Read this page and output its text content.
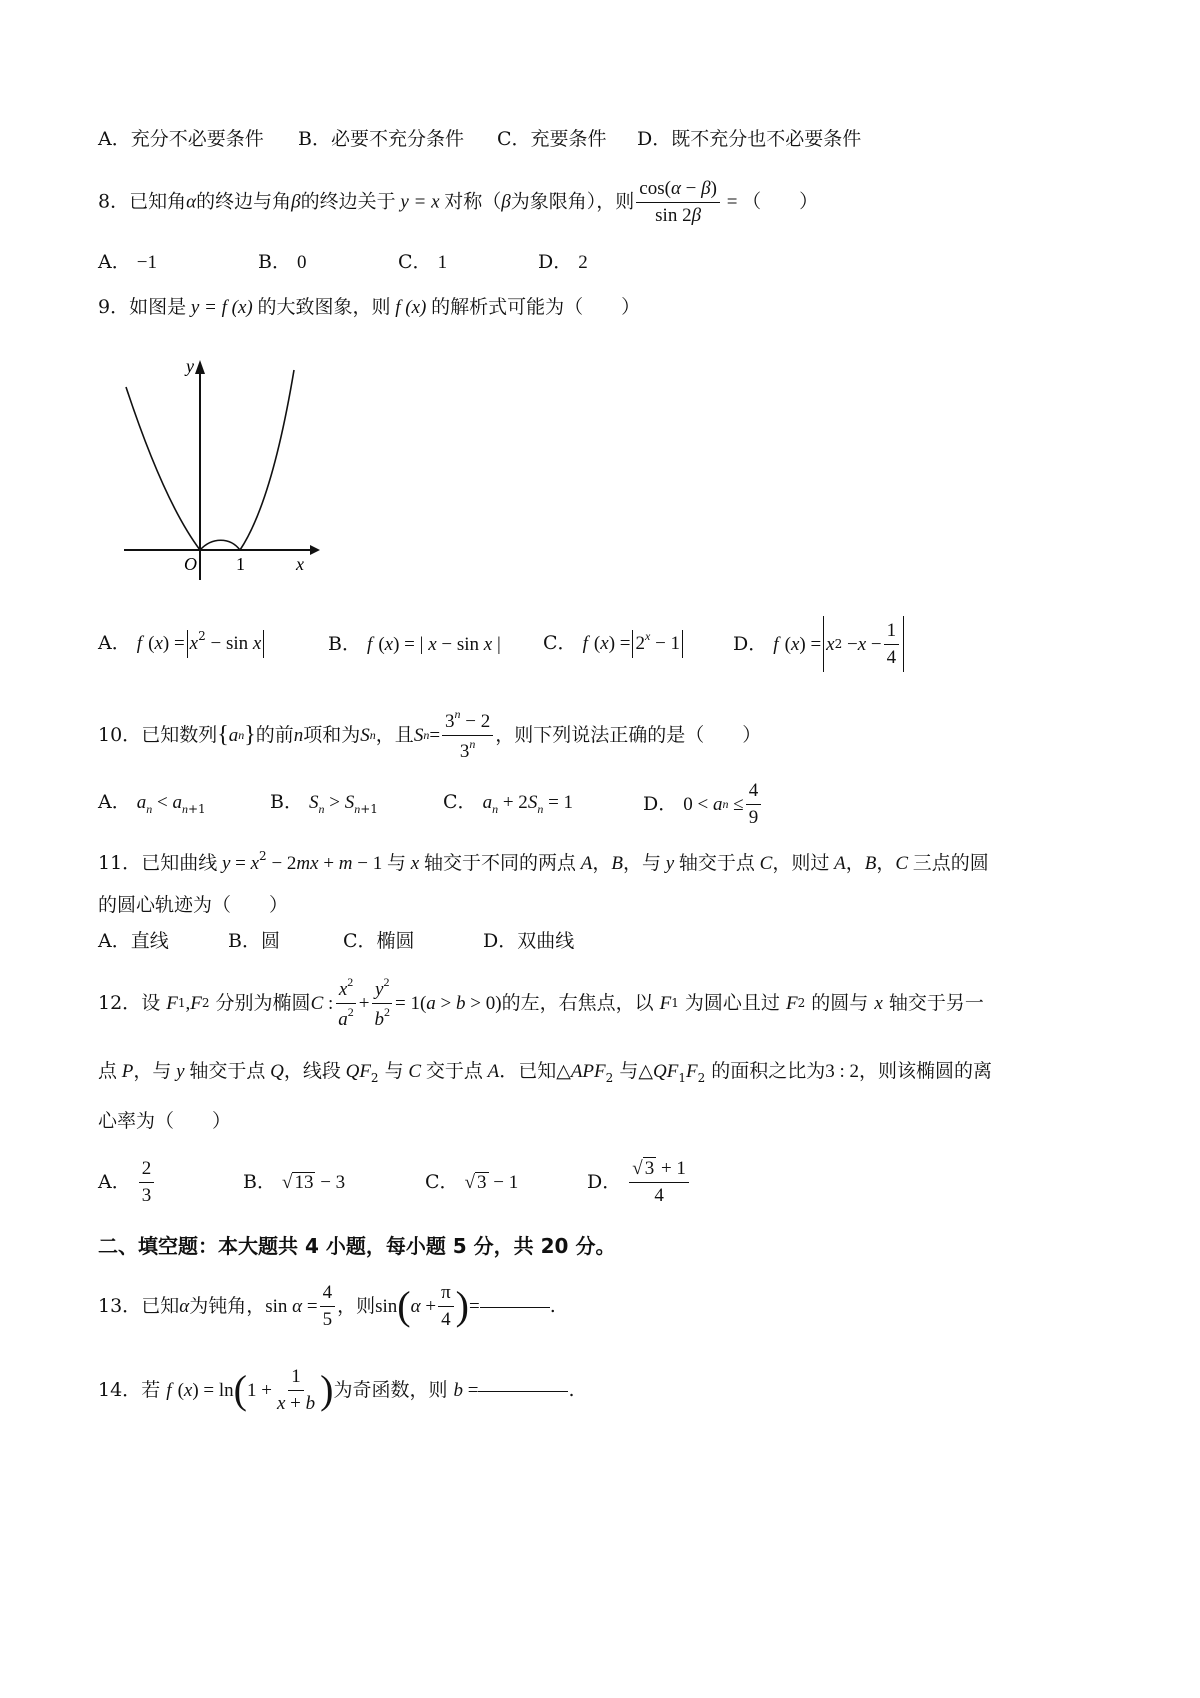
A．充分不必要条件 B．必要不充分条件 C．充要条件 D．既不充分也不必要条件
8．已知角α的终边与角β的终边关于 y = x 对称（β为象限角），则 $\frac{\cos(\alpha - \beta)}{\sin 2\beta}$ = （　　）
A． −1	B． 0	C． 1	D． 2
9．如图是 y = f (x) 的大致图象，则 f (x) 的解析式可能为（　　）
y
x
O 1
A． f $(x) = x^2 - \sin x$	B． f (x) = | x − sin x |	C． f $(x) = 2^x - 1$	D．
f
( x ) = x $2 - x - \frac{1}{4}$
10． 已知数列 { a n } 的前 n 项和为 S n ，且 S $n = \frac{3^n - 2}{3^n}$ ，则下列说法正确的是（　　）
A． $a_n < a_{n+1}$	B． $S_n > S_{n+1}$	C． $a_n + 2S_n = 1$	D．
0 < a $n \le \frac{4}{9}$
11．已知曲线 $y = x^2 - 2mx + m - 1$ 与 x 轴交于不同的两点 A，B，与 y 轴交于点 C，则过 A，B，C 三点的圆
的圆心轨迹为（　　）
A．直线	B．圆	C．椭圆	D．双曲线
12． 设
F 1 , F 2
分别为椭圆 C : $\frac{x^2}{a^2} + \frac{y^2}{b^2} = 1$( a > b > 0) 的左，右焦点，以
F 1
为圆心且过
F 2
的圆与
x
轴交于另一
点 P，与 y 轴交于点 Q，线段 $QF_2$ 与 C 交于点 A．已知$\triangle APF_2$ 与$\triangle QF_1F_2$ 的面积之比为3 : 2，则该椭圆的离
心率为（　　）
A．
$\frac{2}{3}$	B． √ 13 − 3	C． √ 3 − 1	D．
$\frac{√ 3 + 1}{4}$
二、填空题：本大题共 4 小题，每小题 5 分，共 20 分。
13． 已知 α 为钝角， $\sin \alpha = \frac{4}{5}$ ，则 sin ( $\alpha + \frac{\pi}{4}$ ) =	.
14． 若
f
( x ) = ln ( $1 + \frac{1}{x + b}$ ) 为奇函数，则
b =	.
